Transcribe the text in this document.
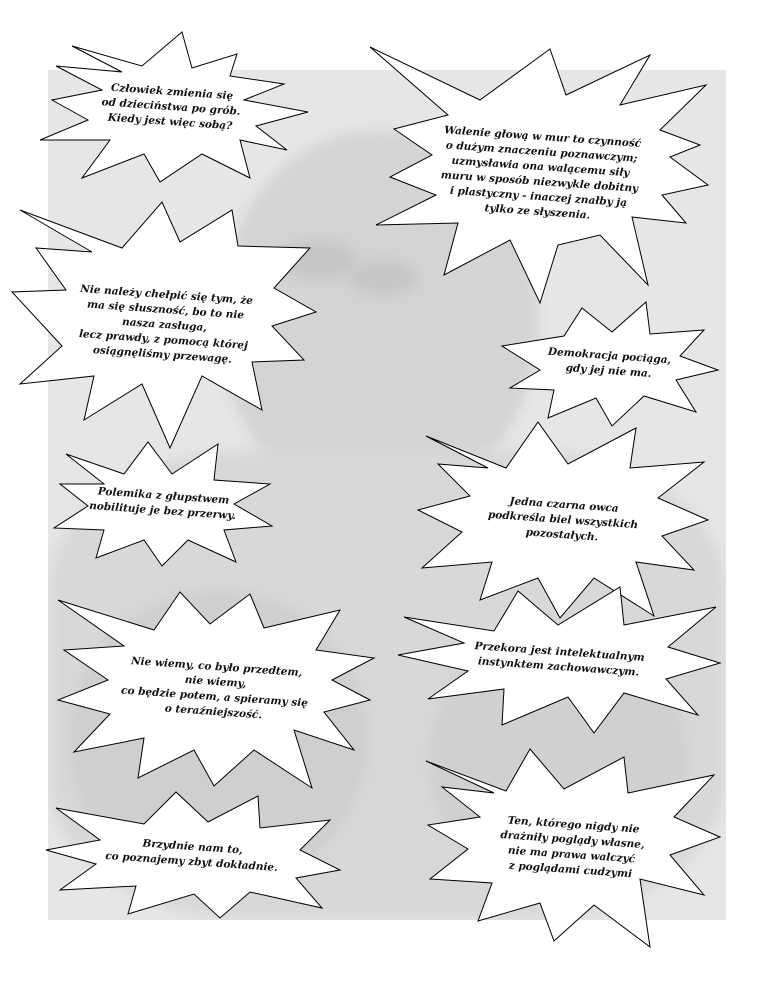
Człowiek zmienia się
od dzieciństwa po grób.
Kiedy jest więc sobą?
Walenie głową w mur to czynność
o dużym znaczeniu poznawczym;
uzmysławia ona walącemu siły
muru w sposób niezwykle dobitny
i plastyczny - inaczej znałby ją
tylko ze słyszenia.
Nie należy chełpić się tym, że
ma się słuszność, bo to nie
nasza zasługa,
lecz prawdy, z pomocą której
osiągnęliśmy przewagę.	Demokracja pociąga,
gdy jej nie ma.
Polemika z głupstwem
nobilituje je bez przerwy.	Jedna czarna owca
podkreśla biel wszystkich
pozostałych.
Nie wiemy, co było przedtem,
nie wiemy,
co będzie potem, a spieramy się
o teraźniejszość.
Przekora jest intelektualnym
instynktem zachowawczym.
Brzydnie nam to,
co poznajemy zbyt dokładnie.
Ten, którego nigdy nie
drażniły poglądy własne,
nie ma prawa walczyć
z poglądami cudzymi
